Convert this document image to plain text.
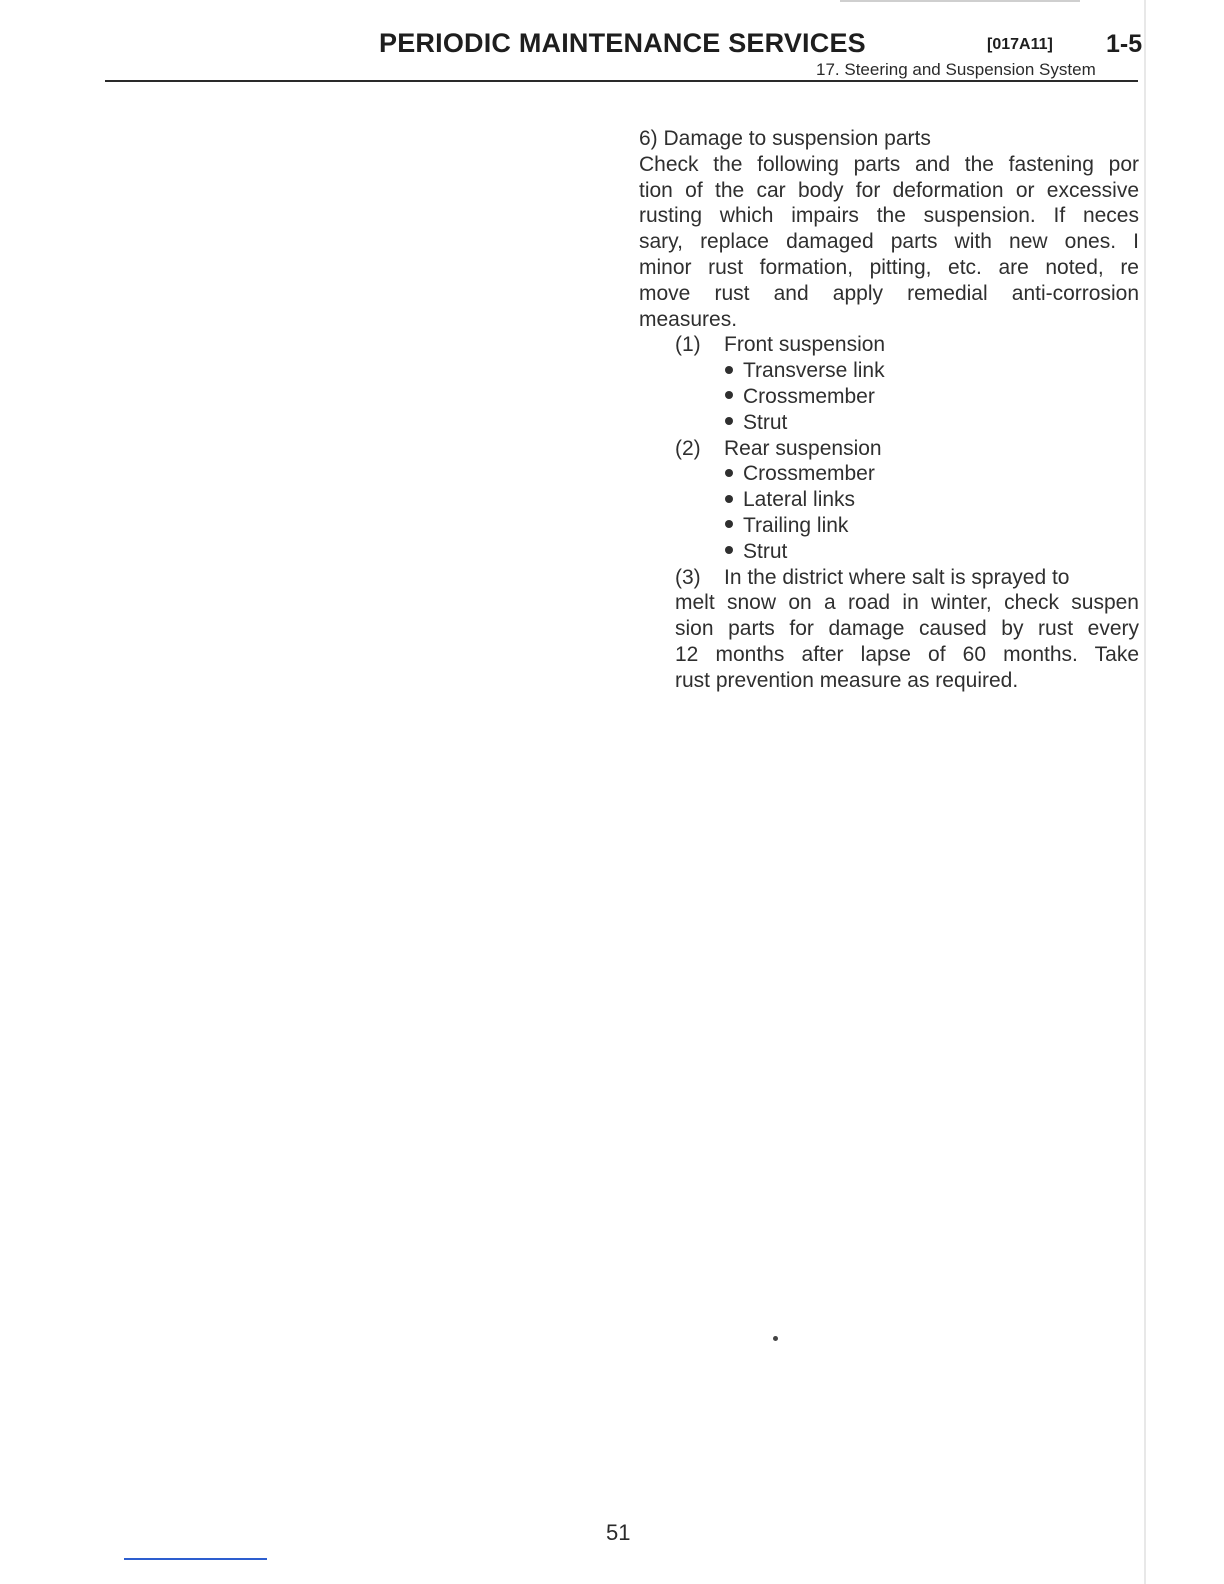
PERIODIC MAINTENANCE SERVICES	[017A11] 1-5
17. Steering and Suspension System
6) Damage to suspension parts
Check the following parts and the fastening por
tion of the car body for deformation or excessive
rusting which impairs the suspension. If neces
sary, replace damaged parts with new ones. I
minor rust formation, pitting, etc. are noted, re
move rust and apply remedial anti-corrosion
measures.
(1) Front suspension
Transverse link
Crossmember
Strut
(2) Rear suspension
Crossmember
Lateral links
Trailing link
Strut
(3) In the district where salt is sprayed to
melt snow on a road in winter, check suspen
sion parts for damage caused by rust every
12 months after lapse of 60 months. Take
rust prevention measure as required.
51
